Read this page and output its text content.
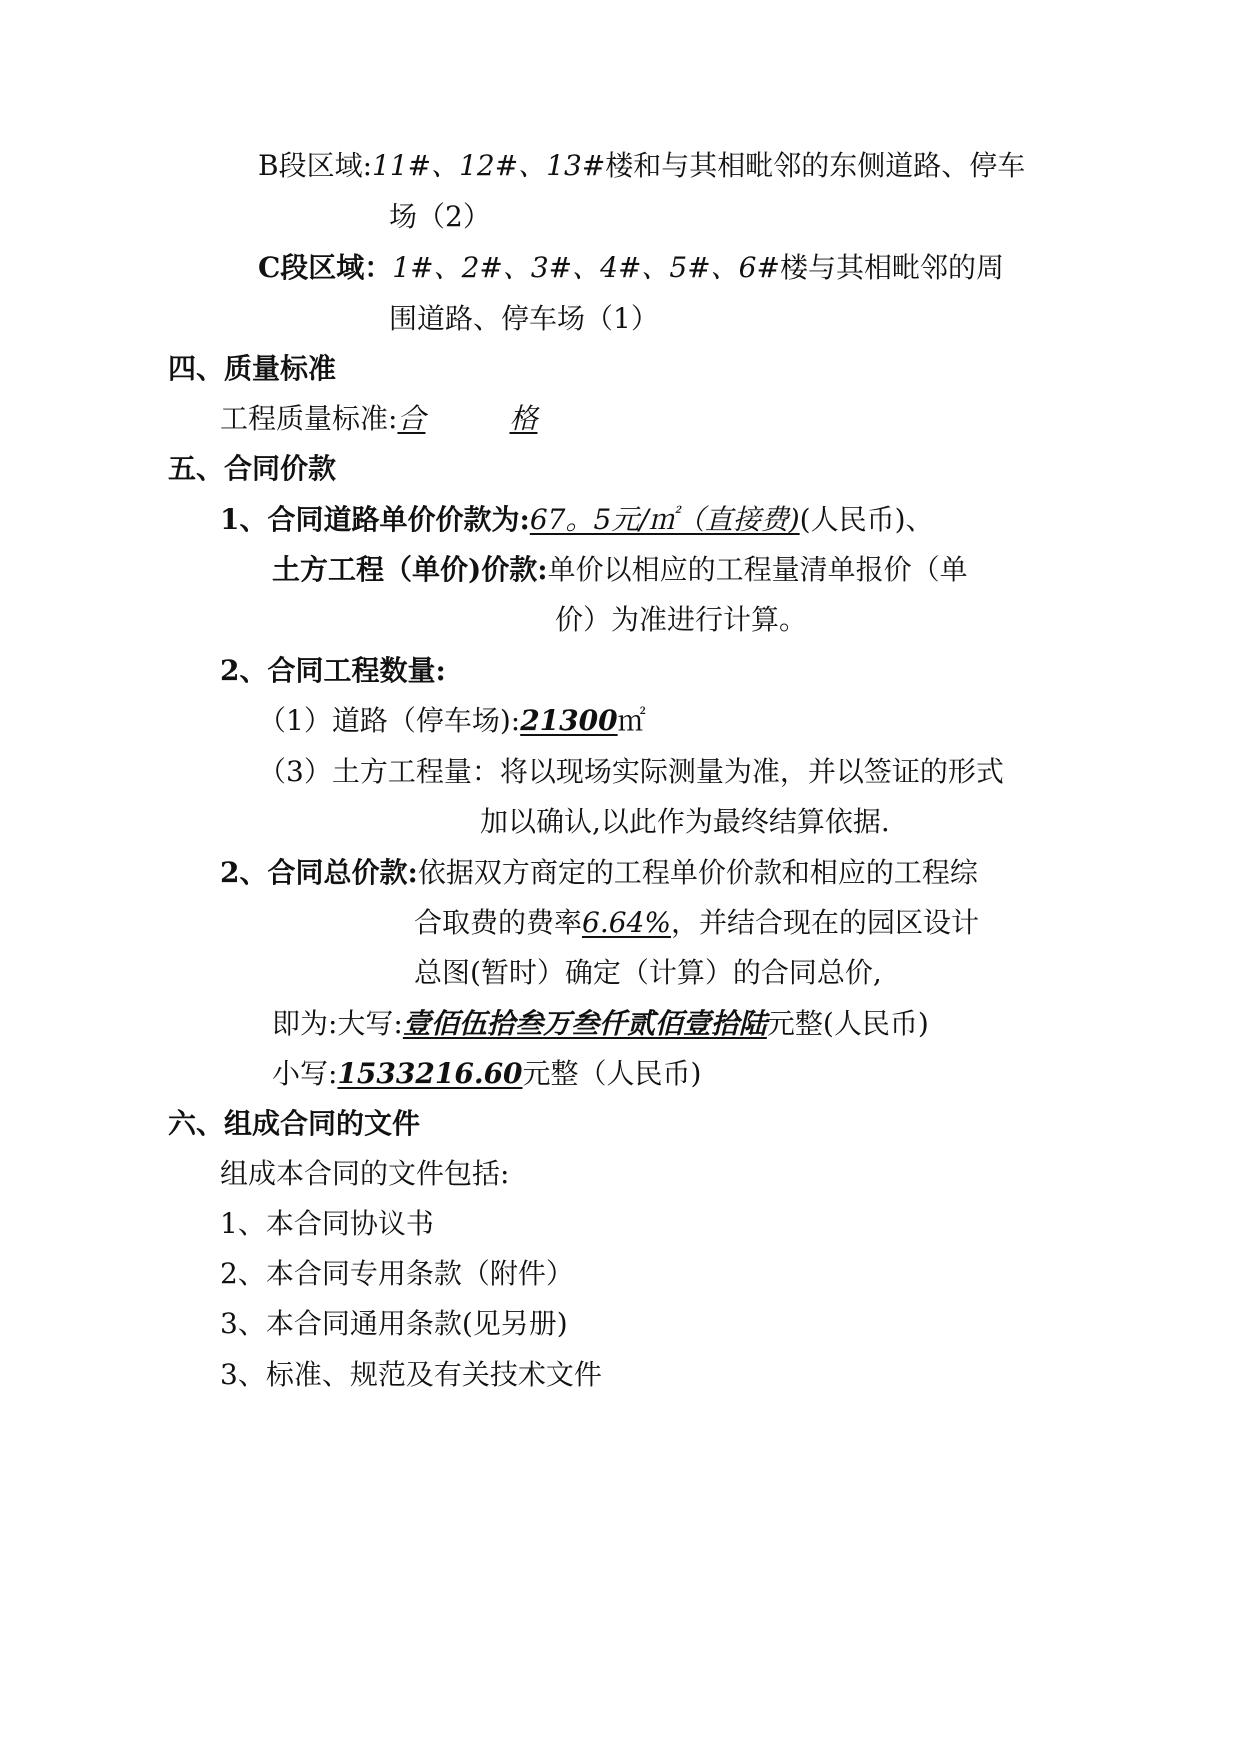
B段区域:11#、12#、13#楼和与其相毗邻的东侧道路、停车
场（2）
C段区域：1#、2#、3#、4#、5#、6#楼与其相毗邻的周
围道路、停车场（1）
四、质量标准
工程质量标准:合	格
五、合同价款
1、合同道路单价价款为:67。5元/㎡（直接费)(人民币)、
土方工程（单价)价款:单价以相应的工程量清单报价（单
价）为准进行计算。
2、合同工程数量:
（1）道路（停车场):21300㎡
（3）土方工程量：将以现场实际测量为准，并以签证的形式
加以确认,以此作为最终结算依据.
2、合同总价款:依据双方商定的工程单价价款和相应的工程综
合取费的费率6.64%，并结合现在的园区设计
总图(暂时）确定（计算）的合同总价,
即为:大写:壹佰伍拾叁万叁仟贰佰壹拾陆元整(人民币)
小写:1533216.60元整（人民币)
六、组成合同的文件
组成本合同的文件包括:
1、本合同协议书
2、本合同专用条款（附件）
3、本合同通用条款(见另册)
3、标准、规范及有关技术文件
